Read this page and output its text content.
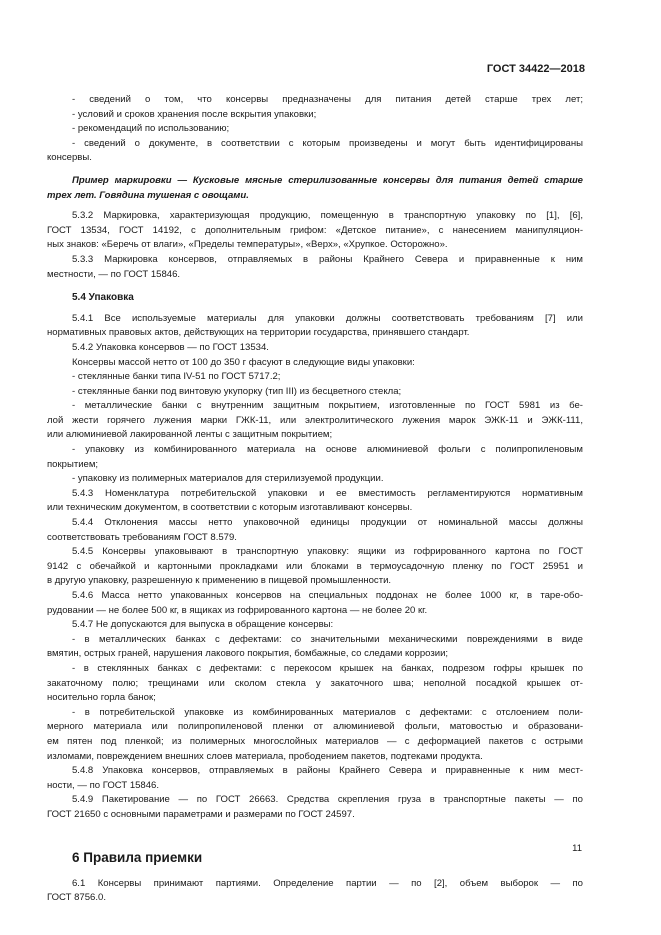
ГОСТ 34422—2018

- сведений о том, что консервы предназначены для питания детей старше трех лет;

- условий и сроков хранения после вскрытия упаковки;

- рекомендаций по использованию;

- сведений о документе, в соответствии с которым произведены и могут быть идентифицированы

консервы.

Пример маркировки — Кусковые мясные стерилизованные консервы для питания детей старше

трех лет. Говядина тушеная с овощами.

5.3.2 Маркировка, характеризующая продукцию, помещенную в транспортную упаковку по [1], [6],

ГОСТ 13534, ГОСТ 14192, с дополнительным грифом: «Детское питание», с нанесением манипуляцион-

ных знаков: «Беречь от влаги», «Пределы температуры», «Верх», «Хрупкое. Осторожно».

5.3.3 Маркировка консервов, отправляемых в районы Крайнего Севера и приравненные к ним

местности, — по ГОСТ 15846.

5.4 Упаковка

5.4.1 Все используемые материалы для упаковки должны соответствовать требованиям [7] или

нормативных правовых актов, действующих на территории государства, принявшего стандарт.

5.4.2 Упаковка консервов — по ГОСТ 13534.

Консервы массой нетто от 100 до 350 г фасуют в следующие виды упаковки:

- стеклянные банки типа IV-51 по ГОСТ 5717.2;

- стеклянные банки под винтовую укупорку (тип III) из бесцветного стекла;

- металлические банки с внутренним защитным покрытием, изготовленные по ГОСТ 5981 из бе-

лой жести горячего лужения марки ГЖК-11, или электролитического лужения марок ЭЖК-11 и ЭЖК-111,

или алюминиевой лакированной ленты с защитным покрытием;

- упаковку из комбинированного материала на основе алюминиевой фольги с полипропиленовым

покрытием;

- упаковку из полимерных материалов для стерилизуемой продукции.

5.4.3 Номенклатура потребительской упаковки и ее вместимость регламентируются нормативным

или техническим документом, в соответствии с которым изготавливают консервы.

5.4.4 Отклонения массы нетто упаковочной единицы продукции от номинальной массы должны

соответствовать требованиям ГОСТ 8.579.

5.4.5 Консервы упаковывают в транспортную упаковку: ящики из гофрированного картона по ГОСТ

9142 с обечайкой и картонными прокладками или блоками в термоусадочную пленку по ГОСТ 25951 и

в другую упаковку, разрешенную к применению в пищевой промышленности.

5.4.6 Масса нетто упакованных консервов на специальных поддонах не более 1000 кг, в таре-обо-

рудовании — не более 500 кг, в ящиках из гофрированного картона — не более 20 кг.

5.4.7 Не допускаются для выпуска в обращение консервы:

- в металлических банках с дефектами: со значительными механическими повреждениями в виде

вмятин, острых граней, нарушения лакового покрытия, бомбажные, со следами коррозии;

- в стеклянных банках с дефектами: с перекосом крышек на банках, подрезом гофры крышек по

закаточному полю; трещинами или сколом стекла у закаточного шва; неполной посадкой крышек от-

носительно горла банок;

- в потребительской упаковке из комбинированных материалов с дефектами: с отслоением поли-

мерного материала или полипропиленовой пленки от алюминиевой фольги, матовостью и образовани-

ем пятен под пленкой; из полимерных многослойных материалов — с деформацией пакетов с острыми

изломами, повреждением внешних слоев материала, прободением пакетов, подтеками продукта.

5.4.8 Упаковка консервов, отправляемых в районы Крайнего Севера и приравненные к ним мест-

ности, — по ГОСТ 15846.

5.4.9 Пакетирование — по ГОСТ 26663. Средства скрепления груза в транспортные пакеты — по

ГОСТ 21650 с основными параметрами и размерами по ГОСТ 24597.

6 Правила приемки

6.1 Консервы принимают партиями. Определение партии — по [2], объем выборок — по

ГОСТ 8756.0.

11
